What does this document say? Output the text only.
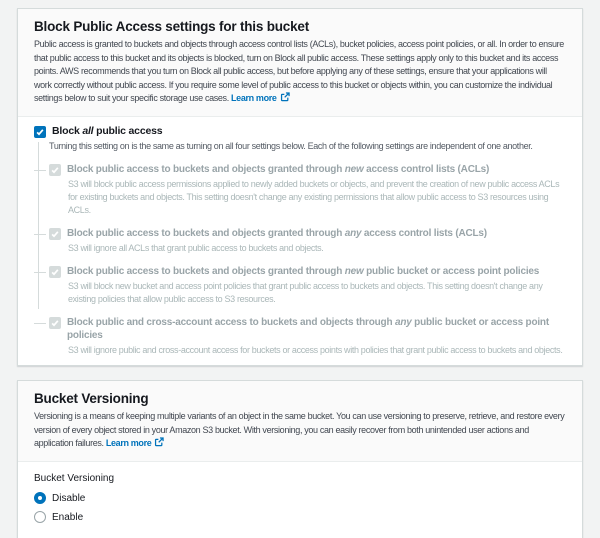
Block Public Access settings for this bucket

Public access is granted to buckets and objects through access control lists (ACLs), bucket policies, access point policies, or all. In order to ensure that public access to this bucket and its objects is blocked, turn on Block all public access. These settings apply only to this bucket and its access points. AWS recommends that you turn on Block all public access, but before applying any of these settings, ensure that your applications will work correctly without public access. If you require some level of public access to this bucket or objects within, you can customize the individual settings below to suit your specific storage use cases. Learn more

Block all public access

Turning this setting on is the same as turning on all four settings below. Each of the following settings are independent of one another.

Block public access to buckets and objects granted through new access control lists (ACLs)

S3 will block public access permissions applied to newly added buckets or objects, and prevent the creation of new public access ACLs for existing buckets and objects. This setting doesn't change any existing permissions that allow public access to S3 resources using ACLs.

Block public access to buckets and objects granted through any access control lists (ACLs)

S3 will ignore all ACLs that grant public access to buckets and objects.

Block public access to buckets and objects granted through new public bucket or access point policies

S3 will block new bucket and access point policies that grant public access to buckets and objects. This setting doesn't change any existing policies that allow public access to S3 resources.

Block public and cross-account access to buckets and objects through any public bucket or access point policies

S3 will ignore public and cross-account access for buckets or access points with policies that grant public access to buckets and objects.

Bucket Versioning

Versioning is a means of keeping multiple variants of an object in the same bucket. You can use versioning to preserve, retrieve, and restore every version of every object stored in your Amazon S3 bucket. With versioning, you can easily recover from both unintended user actions and application failures. Learn more

Bucket Versioning
Disable
Enable
